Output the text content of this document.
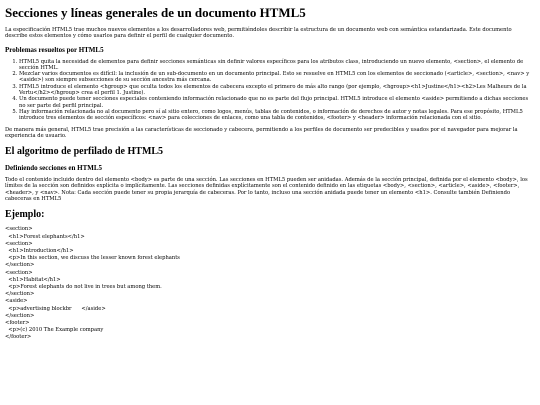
Secciones y líneas generales de un documento HTML5

La especificación HTML5 trae muchos nuevos elementos a los desarrolladores web, permitiéndoles describir la estructura de un documento web con semántica estandarizada. Este documento describe estos elementos y cómo usarlos para definir el perfil de cualquier documento.

Problemas resueltos por HTML5
1. HTML5 quita la necesidad de elementos para definir secciones semánticas sin definir valores específicos para los atributos class, introduciendo un nuevo elemento, <section>, el elemento de sección HTML.
2. Mezclar varios documentos es difícil: la inclusión de un sub-documento en un documento principal. Esto se resuelve en HTML5 con los elementos de seccionado (<article>, <section>, <nav> y <aside>) son siempre subsecciones de su sección ancestra más cercana.
3. HTML5 introduce el elemento <hgroup> que oculta todos los elementos de cabecera excepto el primero de más alto rango (por ejemplo, <hgroup><h1>Justine</h1><h2>Les Malheurs de la Vertu</h2></hgroup> crea el perfil 1. Justine).
4. Un documento puede tener secciones especiales conteniendo información relacionado que no es parte del flujo principal. HTML5 introduce el elemento <aside> permitiendo a dichas secciones no ser parte del perfil principal.
5. Hay información relacionada no al documento pero sí al sitio entero, como logos, menús, tablas de contenidos, o información de derechos de autor y notas legales. Para ese propósito, HTML5 introduce tres elementos de sección específicos: <nav> para colecciones de enlaces, como una tabla de contenidos, <footer> y <header> información relacionada con el sitio.

De manera más general, HTML5 trae precisión a las características de seccionado y cabecera, permitiendo a los perfiles de documento ser predecibles y usados por el navegador para mejorar la experiencia de usuario.

El algoritmo de perfilado de HTML5
Definiendo secciones en HTML5

Todo el contenido incluido dentro del elemento <body> es parte de una sección. Las secciones en HTML5 pueden ser anidadas. Además de la sección principal, definida por el elemento <body>, los límites de la sección son definidos explícita o implícitamente. Las secciones definidas explícitamente son el contenido definido en las etiquetas <body>, <section>, <article>, <aside>, <footer>, <header>, y <nav>. Nota: Cada sección puede tener su propia jerarquía de cabeceras. Por lo tanto, incluso una sección anidada puede tener un elemento <h1>. Consulte también Definiendo cabeceras en HTML5

Ejemplo:
<section>
<h1>Forest elephants</h1>
<section>
<h1>Introduction</h1>
<p>In this section, we discuss the lesser known forest elephants
</section>
<section>
<h1>Habitat</h1>
<p>Forest elephants do not live in trees but among them.
</section>
<aside>
<p>advertising blockbr      </aside>
</section>
<footer>
<p>(c) 2010 The Example company
</footer>
